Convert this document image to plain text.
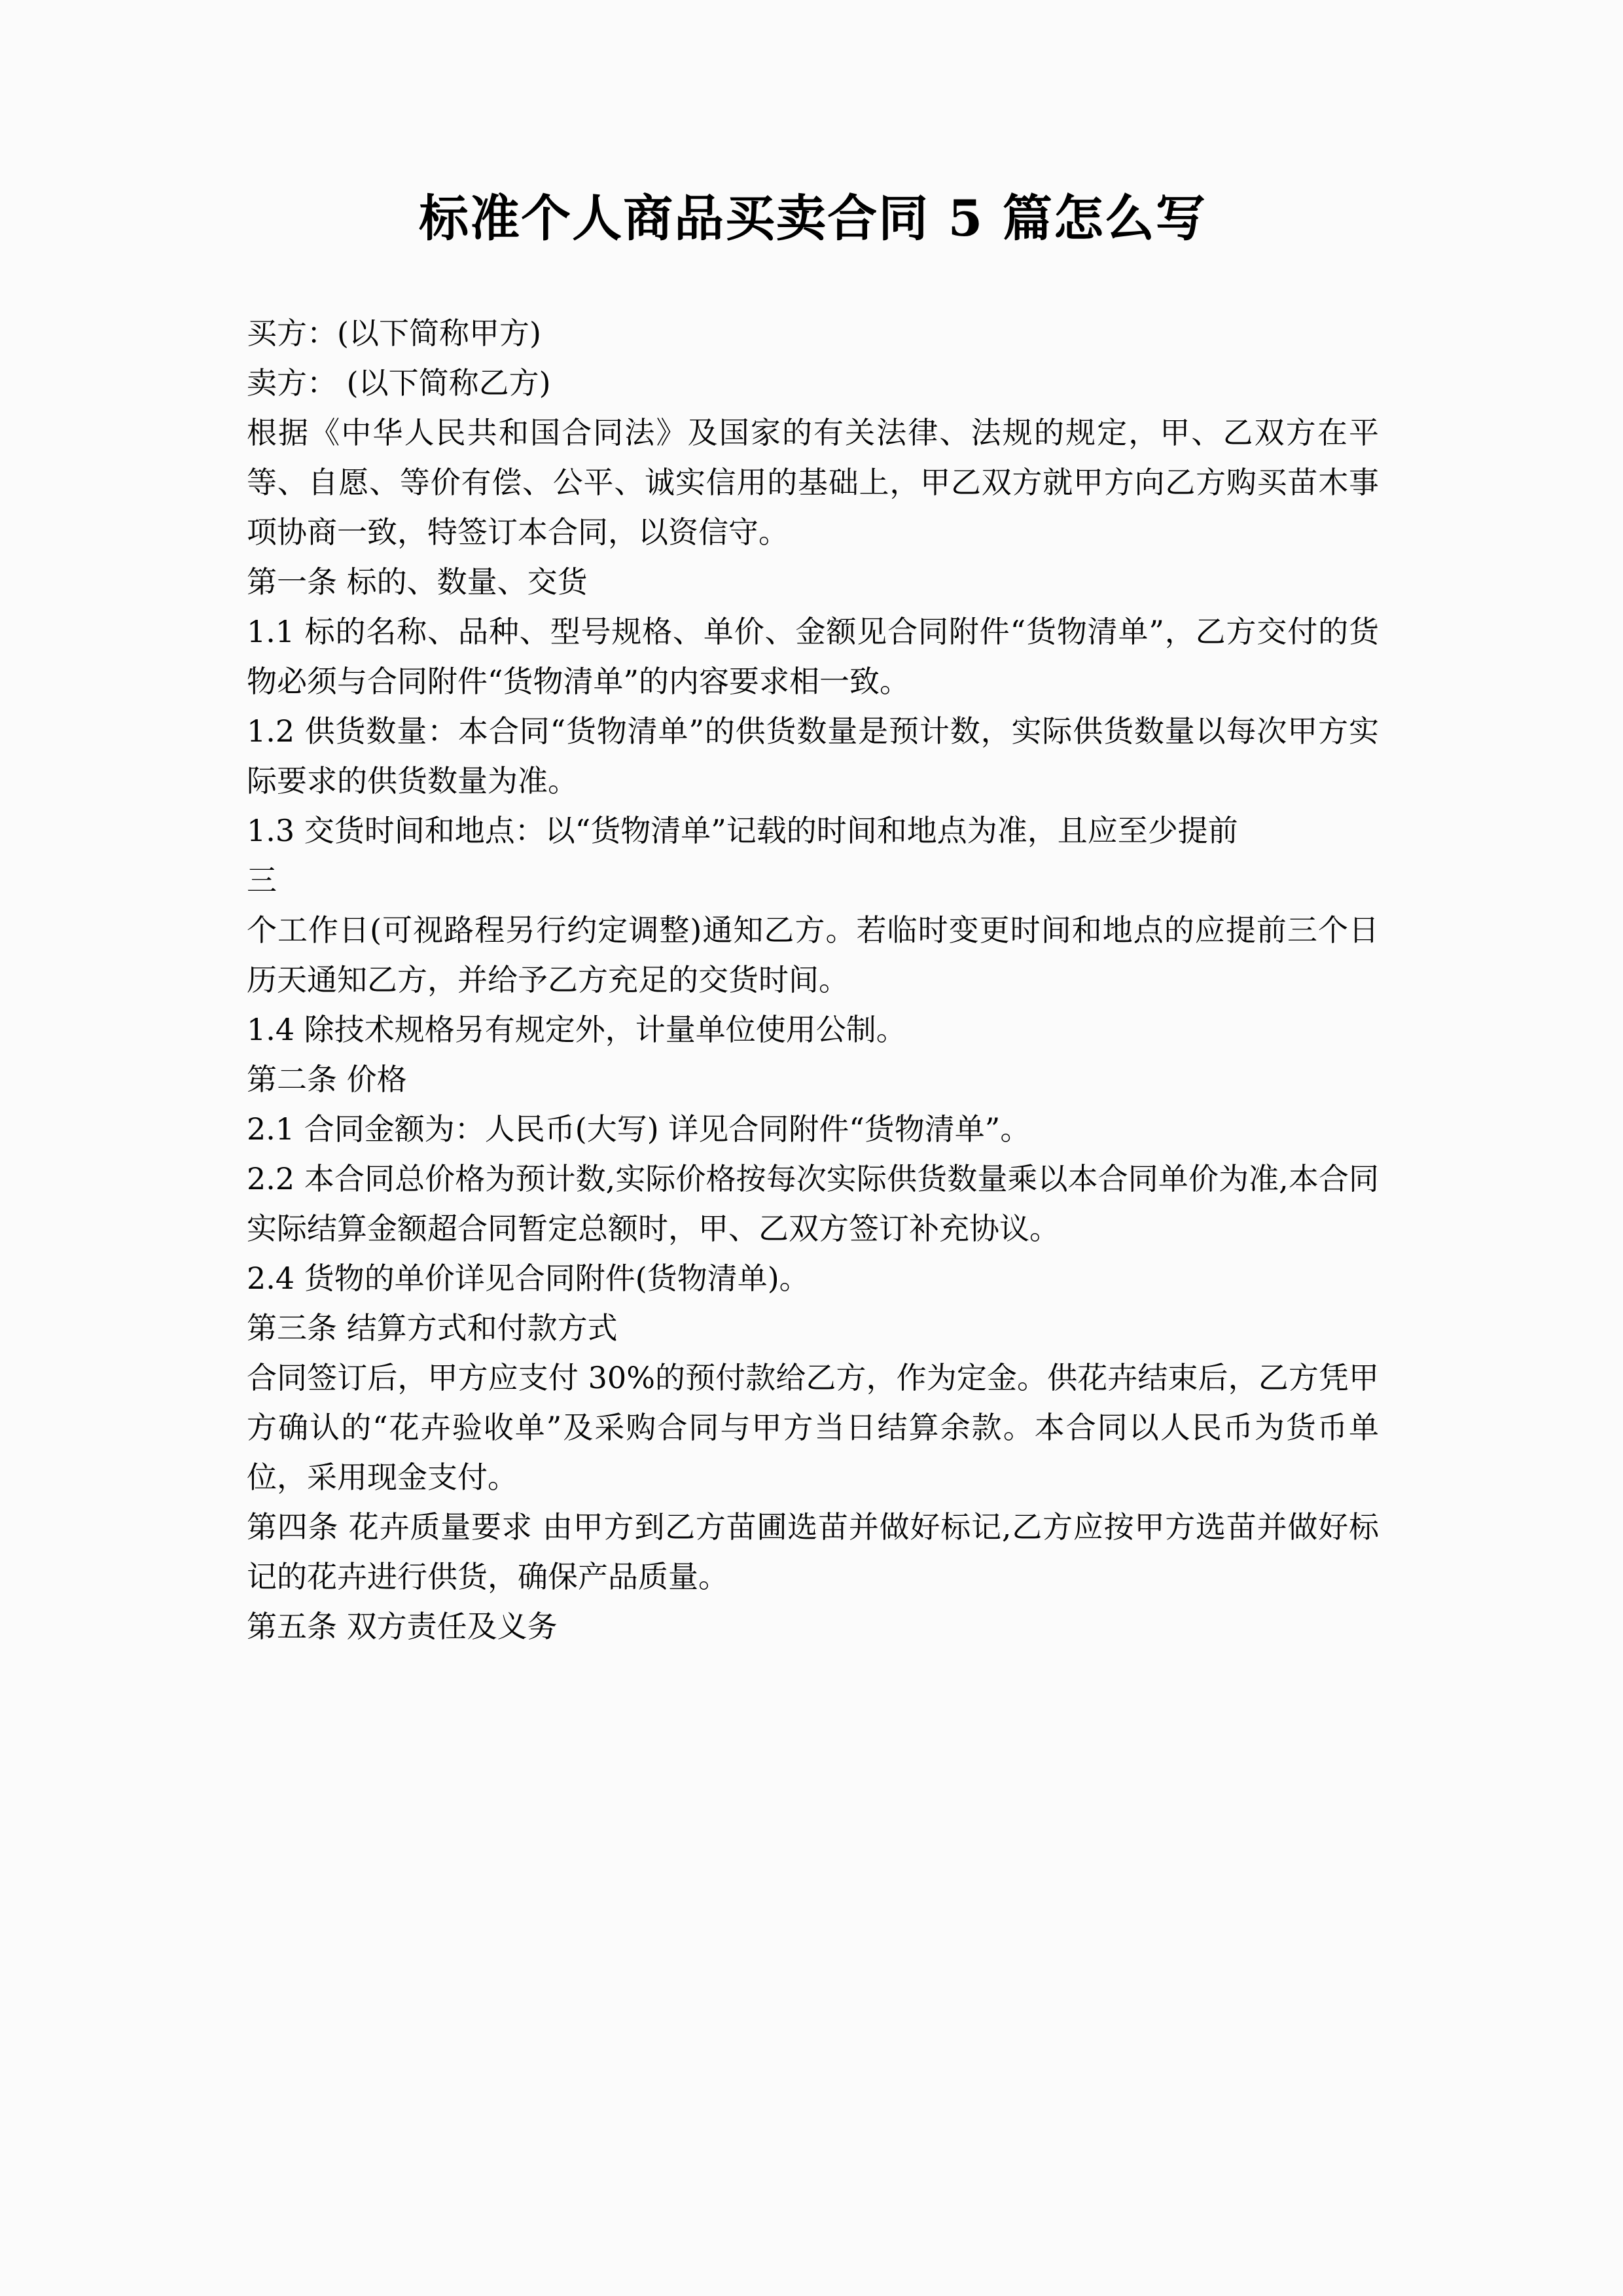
标准个人商品买卖合同 5 篇怎么写

买方：(以下简称甲方)

卖方： (以下简称乙方)

根据《中华人民共和国合同法》及国家的有关法律、法规的规定，甲、乙双方在平等、自愿、等价有偿、公平、诚实信用的基础上，甲乙双方就甲方向乙方购买苗木事项协商一致，特签订本合同，以资信守。

第一条 标的、数量、交货

1.1 标的名称、品种、型号规格、单价、金额见合同附件“货物清单”，乙方交付的货物必须与合同附件“货物清单”的内容要求相一致。

1.2 供货数量：本合同“货物清单”的供货数量是预计数，实际供货数量以每次甲方实际要求的供货数量为准。

1.3 交货时间和地点：以“货物清单”记载的时间和地点为准，且应至少提前

三

个工作日(可视路程另行约定调整)通知乙方。若临时变更时间和地点的应提前三个日历天通知乙方，并给予乙方充足的交货时间。

1.4 除技术规格另有规定外，计量单位使用公制。

第二条 价格

2.1 合同金额为：人民币(大写) 详见合同附件“货物清单”。

2.2 本合同总价格为预计数,实际价格按每次实际供货数量乘以本合同单价为准,本合同实际结算金额超合同暂定总额时，甲、乙双方签订补充协议。

2.4 货物的单价详见合同附件(货物清单)。

第三条 结算方式和付款方式

合同签订后，甲方应支付 30%的预付款给乙方，作为定金。供花卉结束后，乙方凭甲方确认的“花卉验收单”及采购合同与甲方当日结算余款。本合同以人民币为货币单位，采用现金支付。

第四条 花卉质量要求 由甲方到乙方苗圃选苗并做好标记,乙方应按甲方选苗并做好标记的花卉进行供货，确保产品质量。

第五条 双方责任及义务
